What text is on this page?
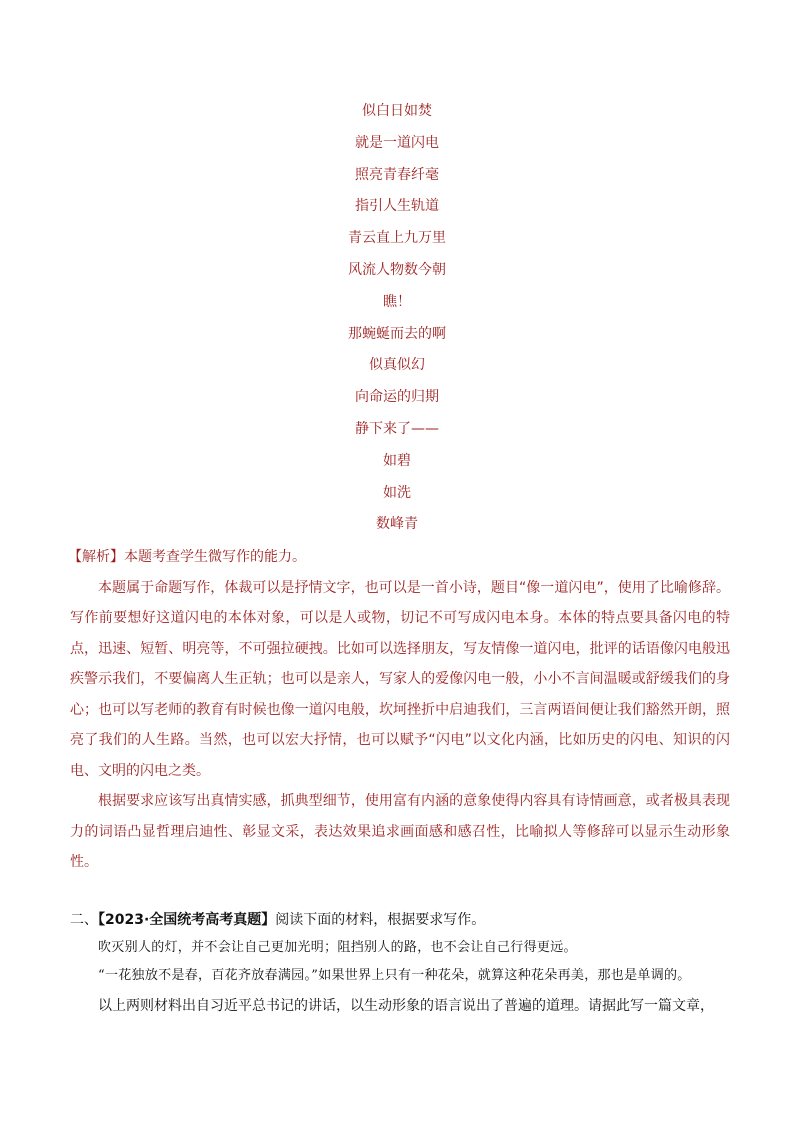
似白日如焚
就是一道闪电
照亮青春纤毫
指引人生轨道
青云直上九万里
风流人物数今朝
瞧！
那蜿蜒而去的啊
似真似幻
向命运的归期
静下来了——
如碧
如洗
数峰青

【解析】本题考查学生微写作的能力。

本题属于命题写作，体裁可以是抒情文字，也可以是一首小诗，题目“像一道闪电”，使用了比喻修辞。写作前要想好这道闪电的本体对象，可以是人或物，切记不可写成闪电本身。本体的特点要具备闪电的特点，迅速、短暂、明亮等，不可强拉硬拽。比如可以选择朋友，写友情像一道闪电，批评的话语像闪电般迅疾警示我们，不要偏离人生正轨；也可以是亲人，写家人的爱像闪电一般，小小不言间温暖或舒缓我们的身心；也可以写老师的教育有时候也像一道闪电般，坎坷挫折中启迪我们，三言两语间便让我们豁然开朗，照亮了我们的人生路。当然，也可以宏大抒情，也可以赋予“闪电”以文化内涵，比如历史的闪电、知识的闪电、文明的闪电之类。

根据要求应该写出真情实感，抓典型细节，使用富有内涵的意象使得内容具有诗情画意，或者极具表现力的词语凸显哲理启迪性、彰显文采，表达效果追求画面感和感召性，比喻拟人等修辞可以显示生动形象性。

二、【2023·全国统考高考真题】阅读下面的材料，根据要求写作。

吹灭别人的灯，并不会让自己更加光明；阻挡别人的路，也不会让自己行得更远。

“一花独放不是春，百花齐放春满园。”如果世界上只有一种花朵，就算这种花朵再美，那也是单调的。

以上两则材料出自习近平总书记的讲话，以生动形象的语言说出了普遍的道理。请据此写一篇文章，
